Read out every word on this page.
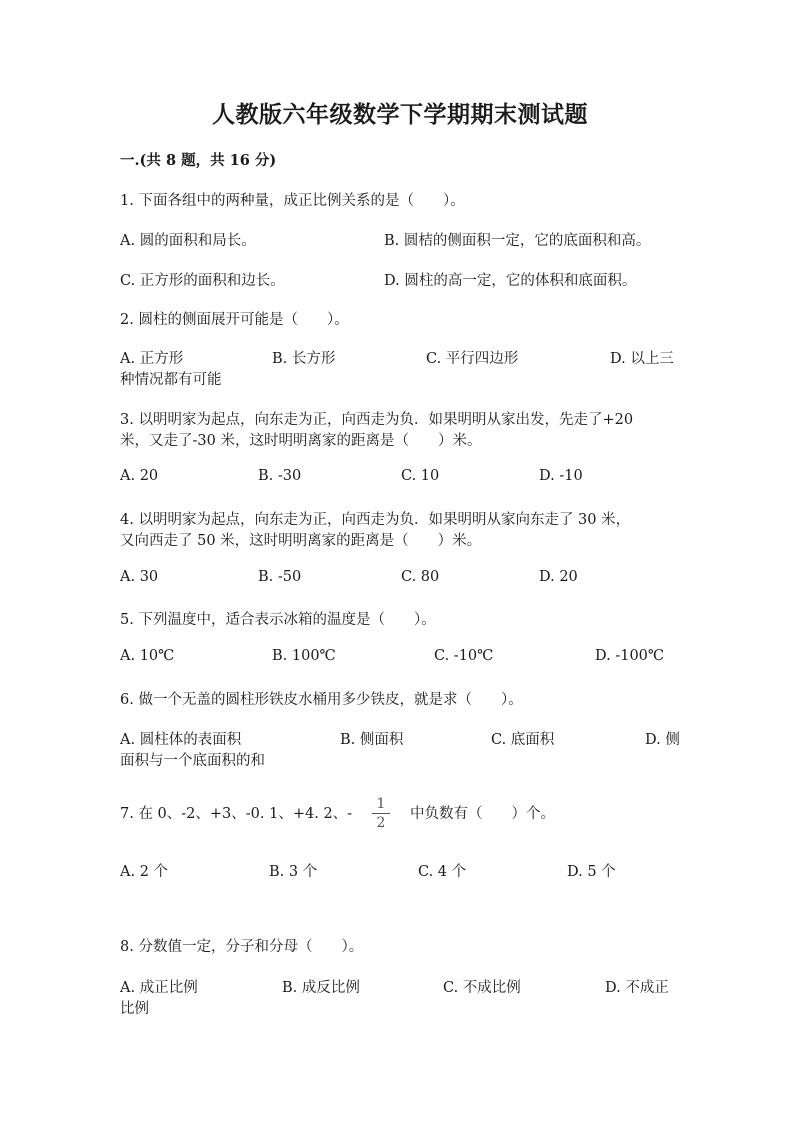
人教版六年级数学下学期期末测试题
一.(共 8 题，共 16 分)
1. 下面各组中的两种量，成正比例关系的是（　　）。
A. 圆的面积和局长。	B. 圆桔的侧面积一定，它的底面积和高。
C. 正方形的面积和边长。	D. 圆柱的高一定，它的体积和底面积。
2. 圆柱的侧面展开可能是（　　）。
A. 正方形	B. 长方形	C. 平行四边形	D. 以上三
种情况都有可能
3. 以明明家为起点，向东走为正，向西走为负．如果明明从家出发，先走了+20
米，又走了-30 米，这时明明离家的距离是（　　）米。
A. 20	B. -30	C. 10	D. -10
4. 以明明家为起点，向东走为正，向西走为负．如果明明从家向东走了 30 米，
又向西走了 50 米，这时明明离家的距离是（　　）米。
A. 30	B. -50	C. 80	D. 20
5. 下列温度中，适合表示冰箱的温度是（　　）。
A. 10℃	B. 100℃	C. -10℃	D. -100℃
6. 做一个无盖的圆柱形铁皮水桶用多少铁皮，就是求（　　）。
A. 圆柱体的表面积	B. 侧面积	C. 底面积	D. 侧
面积与一个底面积的和
7. 在 0、-2、+3、-0. 1、+4. 2、-
1
2
中负数有（　　）个。
A. 2 个	B. 3 个	C. 4 个	D. 5 个
8. 分数值一定，分子和分母（　　）。
A. 成正比例	B. 成反比例	C. 不成比例	D. 不成正
比例
